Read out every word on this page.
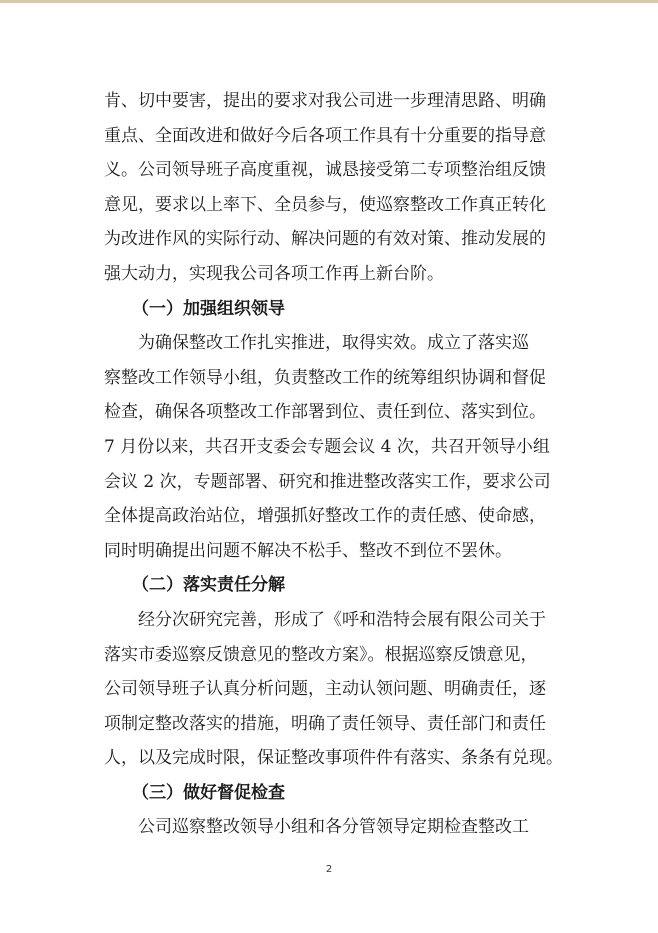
肯、切中要害，提出的要求对我公司进一步理清思路、明确
重点、全面改进和做好今后各项工作具有十分重要的指导意
义。公司领导班子高度重视，诚恳接受第二专项整治组反馈
意见，要求以上率下、全员参与，使巡察整改工作真正转化
为改进作风的实际行动、解决问题的有效对策、推动发展的
强大动力，实现我公司各项工作再上新台阶。
（一）加强组织领导
为确保整改工作扎实推进，取得实效。成立了落实巡
察整改工作领导小组，负责整改工作的统筹组织协调和督促
检查，确保各项整改工作部署到位、责任到位、落实到位。
7 月份以来，共召开支委会专题会议 4 次，共召开领导小组
会议 2 次，专题部署、研究和推进整改落实工作，要求公司
全体提高政治站位，增强抓好整改工作的责任感、使命感，
同时明确提出问题不解决不松手、整改不到位不罢休。
（二）落实责任分解
经分次研究完善，形成了《呼和浩特会展有限公司关于
落实市委巡察反馈意见的整改方案》。根据巡察反馈意见，
公司领导班子认真分析问题，主动认领问题、明确责任，逐
项制定整改落实的措施，明确了责任领导、责任部门和责任
人，以及完成时限，保证整改事项件件有落实、条条有兑现。
（三）做好督促检查
公司巡察整改领导小组和各分管领导定期检查整改工
2
